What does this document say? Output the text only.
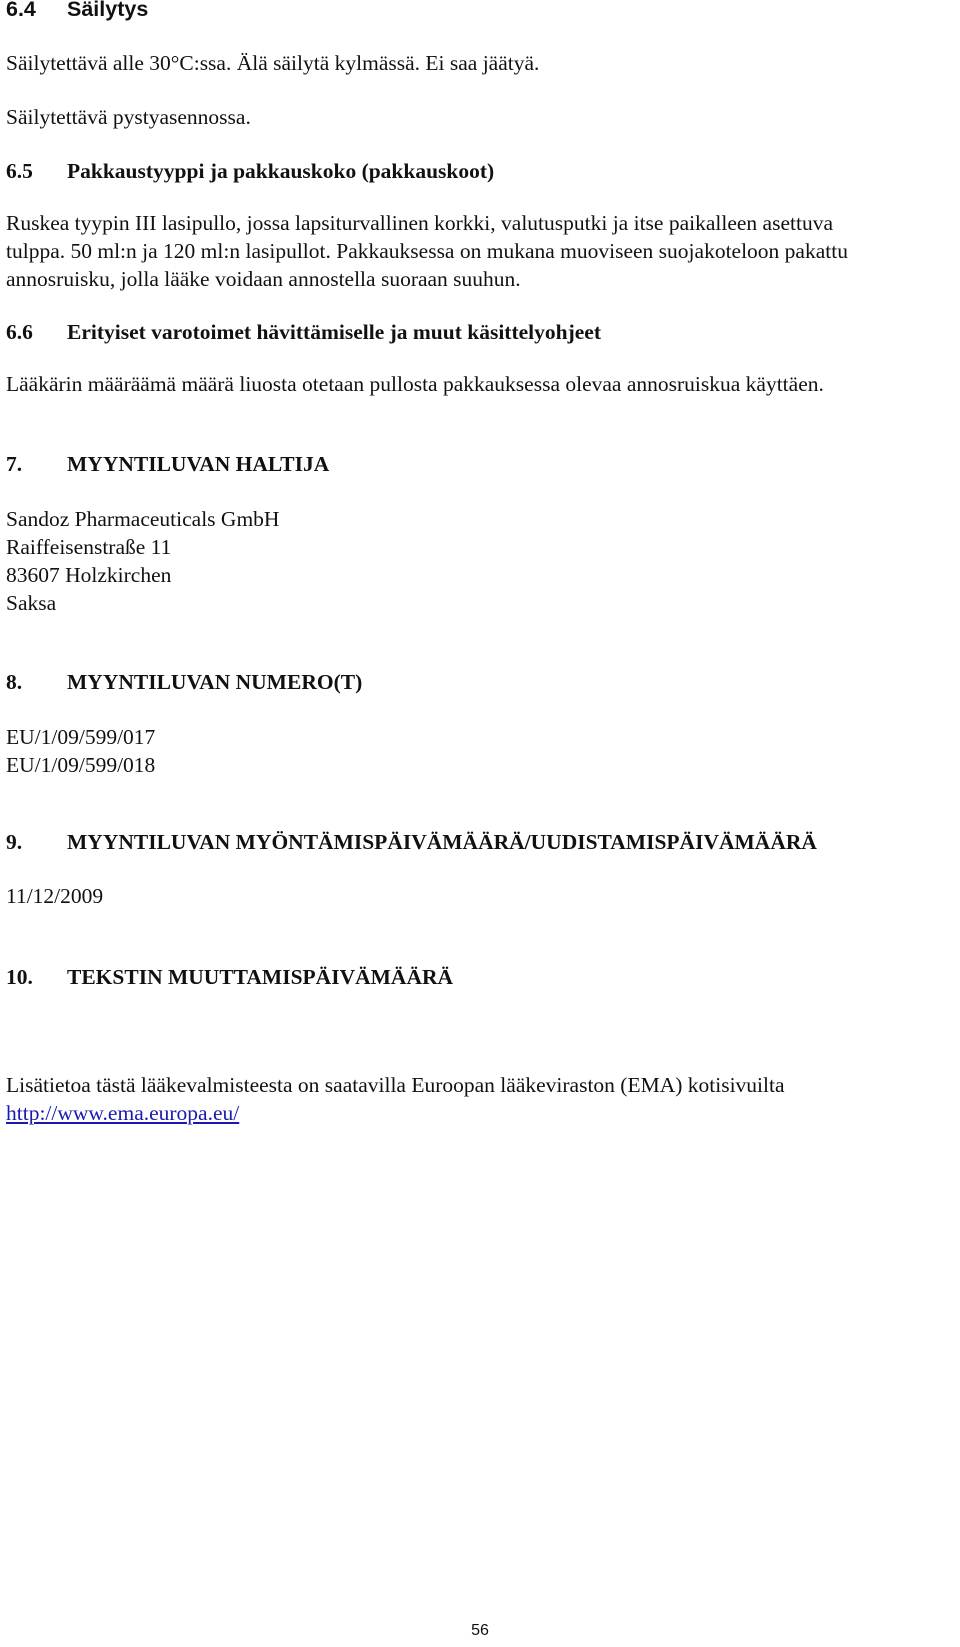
6.4	Säilytys
Säilytettävä alle 30°C:ssa. Älä säilytä kylmässä. Ei saa jäätyä.
Säilytettävä pystyasennossa.
6.5	Pakkaustyyppi ja pakkauskoko (pakkauskoot)
Ruskea tyypin III lasipullo, jossa lapsiturvallinen korkki, valutusputki ja itse paikalleen asettuva
tulppa. 50 ml:n ja 120 ml:n lasipullot. Pakkauksessa on mukana muoviseen suojakoteloon pakattu
annosruisku, jolla lääke voidaan annostella suoraan suuhun.
6.6	Erityiset varotoimet hävittämiselle ja muut käsittelyohjeet
Lääkärin määräämä määrä liuosta otetaan pullosta pakkauksessa olevaa annosruiskua käyttäen.
7.	MYYNTILUVAN HALTIJA
Sandoz Pharmaceuticals GmbH
Raiffeisenstraße 11
83607 Holzkirchen
Saksa
8.	MYYNTILUVAN NUMERO(T)
EU/1/09/599/017
EU/1/09/599/018
9.	MYYNTILUVAN MYÖNTÄMISPÄIVÄMÄÄRÄ/UUDISTAMISPÄIVÄMÄÄRÄ
11/12/2009
10.	TEKSTIN MUUTTAMISPÄIVÄMÄÄRÄ
Lisätietoa tästä lääkevalmisteesta on saatavilla Euroopan lääkeviraston (EMA) kotisivuilta
http://www.ema.europa.eu/
56
